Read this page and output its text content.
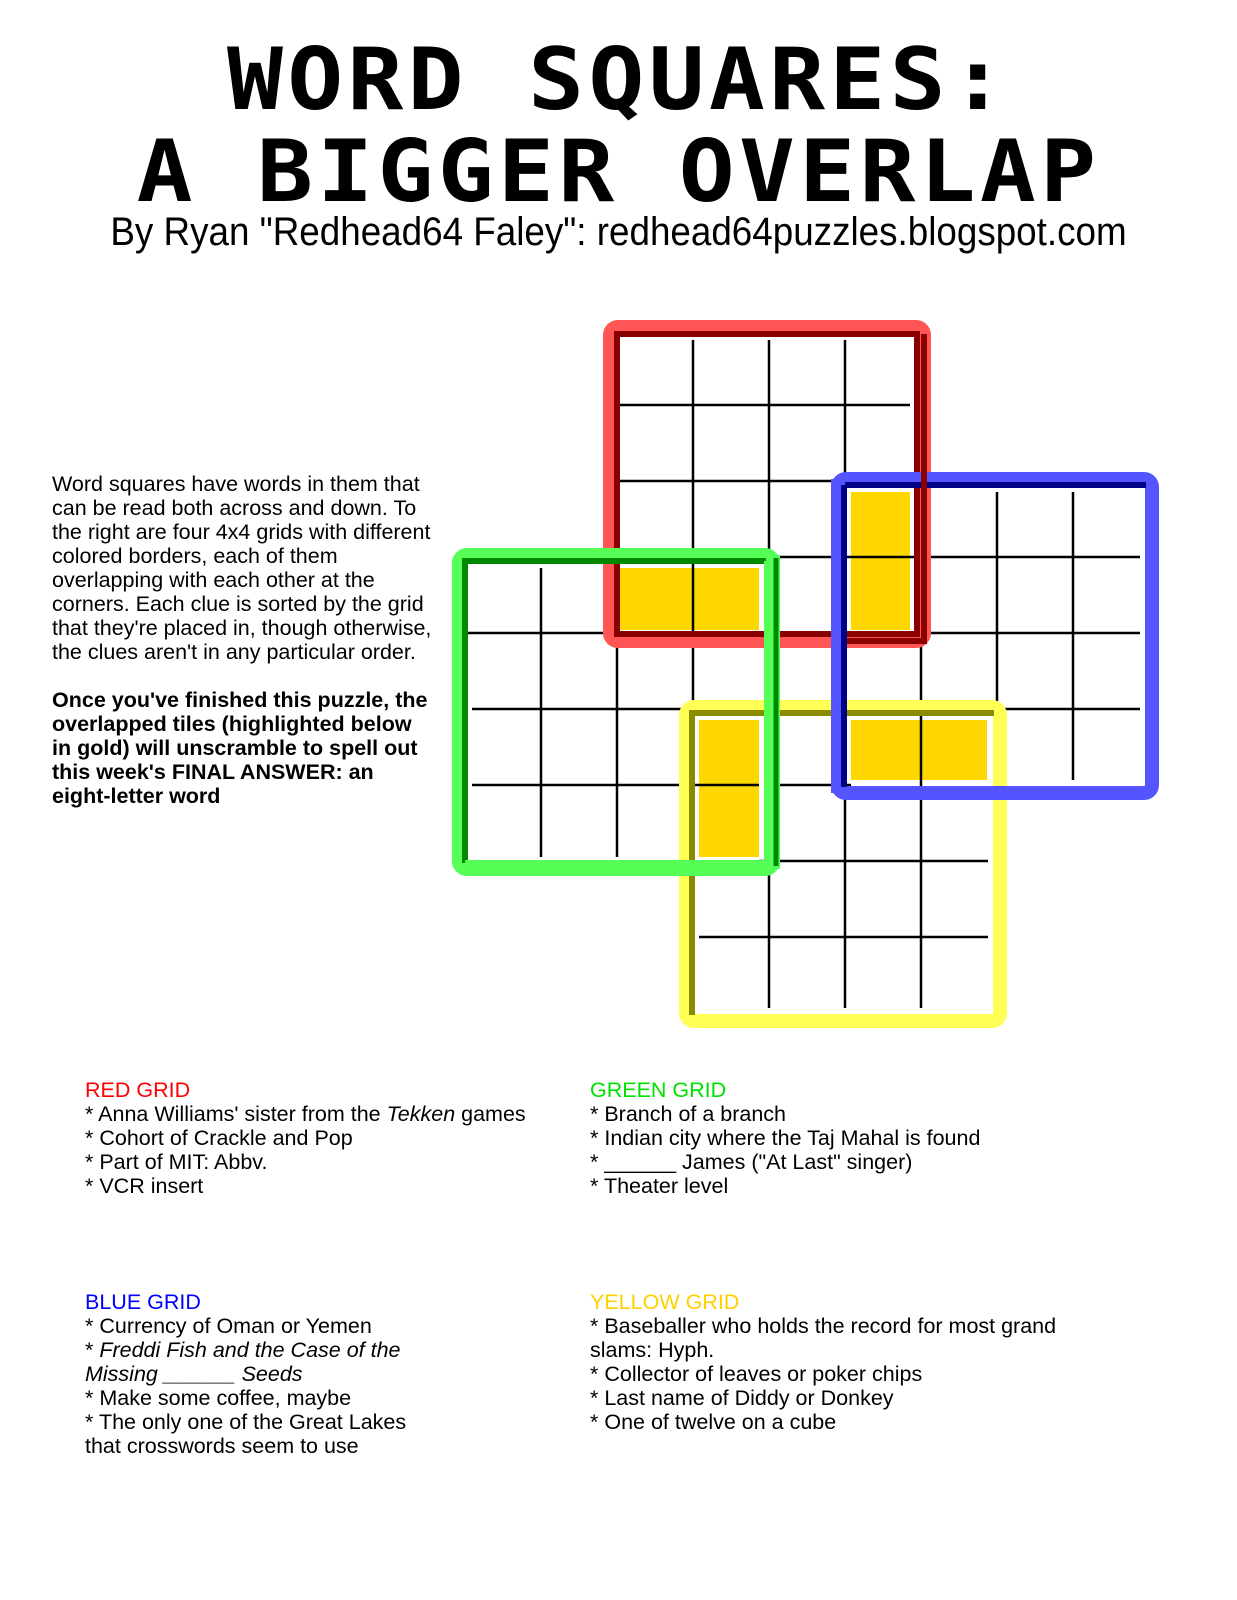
WORD SQUARES:
A BIGGER OVERLAP
By Ryan "Redhead64 Faley": redhead64puzzles.blogspot.com

Word squares have words in them that can be read both across and down. To the right are four 4x4 grids with different colored borders, each of them overlapping with each other at the corners. Each clue is sorted by the grid that they're placed in, though otherwise, the clues aren't in any particular order.

Once you've finished this puzzle, the overlapped tiles (highlighted below in gold) will unscramble to spell out this week's FINAL ANSWER: an eight-letter word

RED GRID
* Anna Williams' sister from the Tekken games
* Cohort of Crackle and Pop
* Part of MIT: Abbv.
* VCR insert
GREEN GRID
* Branch of a branch
* Indian city where the Taj Mahal is found
* ______ James ("At Last" singer)
* Theater level
BLUE GRID
* Currency of Oman or Yemen
* Freddi Fish and the Case of the Missing ______ Seeds
* Make some coffee, maybe
* The only one of the Great Lakes that crosswords seem to use
YELLOW GRID
* Baseballer who holds the record for most grand slams: Hyph.
* Collector of leaves or poker chips
* Last name of Diddy or Donkey
* One of twelve on a cube
